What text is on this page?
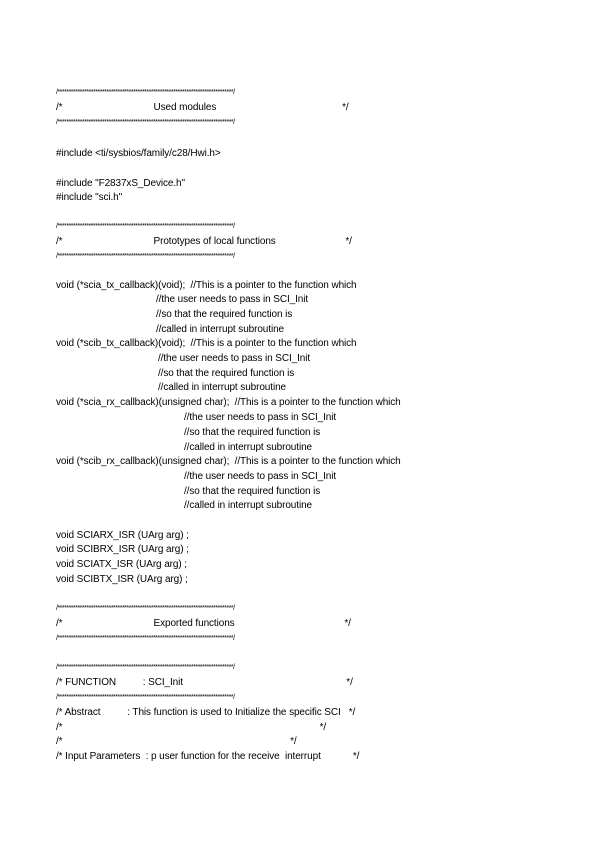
/*******************************************************************************/
/*                                  Used modules                                               */
/*******************************************************************************/
#include <ti/sysbios/family/c28/Hwi.h>
#include "F2837xS_Device.h"
#include "sci.h"
/*******************************************************************************/
/*                                  Prototypes of local functions                          */
/*******************************************************************************/
void (*scia_tx_callback)(void);  //This is a pointer to the function which
//the user needs to pass in SCI_Init
//so that the required function is
//called in interrupt subroutine
void (*scib_tx_callback)(void);  //This is a pointer to the function which
//the user needs to pass in SCI_Init
//so that the required function is
//called in interrupt subroutine
void (*scia_rx_callback)(unsigned char);  //This is a pointer to the function which
//the user needs to pass in SCI_Init
//so that the required function is
//called in interrupt subroutine
void (*scib_rx_callback)(unsigned char);  //This is a pointer to the function which
//the user needs to pass in SCI_Init
//so that the required function is
//called in interrupt subroutine
void SCIARX_ISR (UArg arg) ;
void SCIBRX_ISR (UArg arg) ;
void SCIATX_ISR (UArg arg) ;
void SCIBTX_ISR (UArg arg) ;
/*******************************************************************************/
/*                                  Exported functions                                         */
/*******************************************************************************/
/*******************************************************************************/
/* FUNCTION          : SCI_Init                                                             */
/*******************************************************************************/
/* Abstract          : This function is used to Initialize the specific SCI   */
/*                                                                                                */
/*                                                                                     */
/* Input Parameters  : p user function for the receive  interrupt            */
